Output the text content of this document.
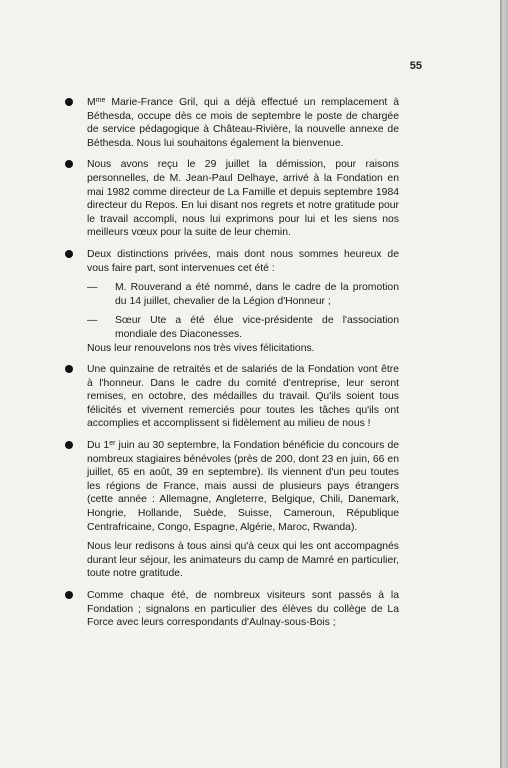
55

$M^{me}$ Marie-France Gril, qui a déjà effectué un remplacement à Béthesda, occupe dès ce mois de septembre le poste de chargée de service pédagogique à Château-Rivière, la nouvelle annexe de Béthesda. Nous lui souhaitons également la bienvenue.

Nous avons reçu le 29 juillet la démission, pour raisons personnelles, de M. Jean-Paul Delhaye, arrivé à la Fondation en mai 1982 comme directeur de La Famille et depuis septembre 1984 directeur du Repos. En lui disant nos regrets et notre gratitude pour le travail accompli, nous lui exprimons pour lui et les siens nos meilleurs vœux pour la suite de leur chemin.

Deux distinctions privées, mais dont nous sommes heureux de vous faire part, sont intervenues cet été :

—	M. Rouverand a été nommé, dans le cadre de la promotion du 14 juillet, chevalier de la Légion d'Honneur ;
—	Sœur Ute a été élue vice-présidente de l'association mondiale des Diaconesses.

Nous leur renouvelons nos très vives félicitations.

Une quinzaine de retraités et de salariés de la Fondation vont être à l'honneur. Dans le cadre du comité d'entreprise, leur seront remises, en octobre, des médailles du travail. Qu'ils soient tous félicités et vivement remerciés pour toutes les tâches qu'ils ont accomplies et accomplissent si fidèlement au milieu de nous !

Du 1er juin au 30 septembre, la Fondation bénéficie du concours de nombreux stagiaires bénévoles (près de 200, dont 23 en juin, 66 en juillet, 65 en août, 39 en septembre). Ils viennent d'un peu toutes les régions de France, mais aussi de plusieurs pays étrangers (cette année : Allemagne, Angleterre, Belgique, Chili, Danemark, Hongrie, Hollande, Suède, Suisse, Cameroun, République Centrafricaine, Congo, Espagne, Algérie, Maroc, Rwanda).

Nous leur redisons à tous ainsi qu'à ceux qui les ont accompagnés durant leur séjour, les animateurs du camp de Mamré en particulier, toute notre gratitude.

Comme chaque été, de nombreux visiteurs sont passés à la Fondation ; signalons en particulier des élèves du collège de La Force avec leurs correspondants d'Aulnay-sous-Bois ;
